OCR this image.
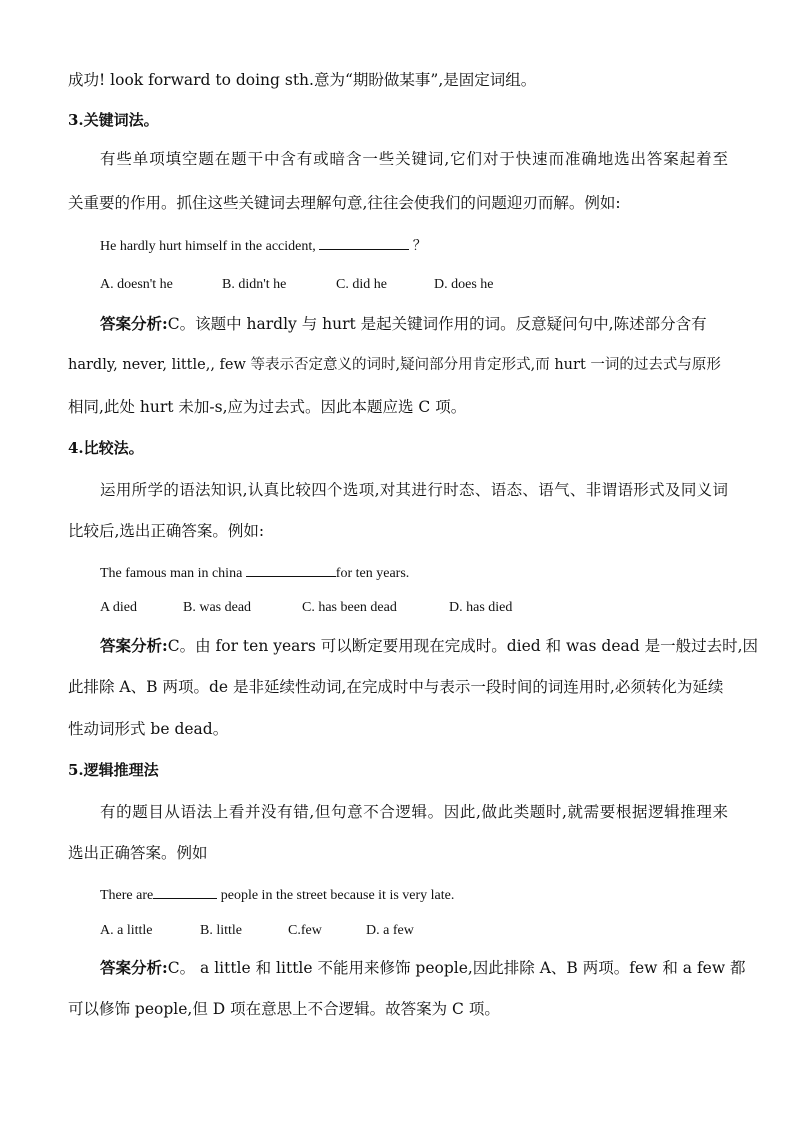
成功! look forward to doing sth.意为“期盼做某事”,是固定词组。
3.关键词法。
有些单项填空题在题干中含有或暗含一些关键词,它们对于快速而准确地选出答案起着至
关重要的作用。抓住这些关键词去理解句意,往往会使我们的问题迎刃而解。例如:
He hardly hurt himself in the accident,	？
A. doesn't he	B. didn't he	C. did he	D. does he
答案分析:C。该题中 hardly 与 hurt 是起关键词作用的词。反意疑问句中,陈述部分含有
hardly, never, little,, few 等表示否定意义的词时,疑问部分用肯定形式,而 hurt 一词的过去式与原形
相同,此处 hurt 未加-s,应为过去式。因此本题应选 C 项。
4.比较法。
运用所学的语法知识,认真比较四个选项,对其进行时态、语态、语气、非谓语形式及同义词
比较后,选出正确答案。例如:
The famous man in china	for ten years.
A died	B. was dead	C. has been dead	D. has died
答案分析:C。由 for ten years 可以断定要用现在完成时。died 和 was dead 是一般过去时,因
此排除 A、B 两项。de 是非延续性动词,在完成时中与表示一段时间的词连用时,必须转化为延续
性动词形式 be dead。
5.逻辑推理法
有的题目从语法上看并没有错,但句意不合逻辑。因此,做此类题时,就需要根据逻辑推理来
选出正确答案。例如
There are	people in the street because it is very late.
A. a little	B. little	C.few	D. a few
答案分析:C。 a little 和 little 不能用来修饰 people,因此排除 A、B 两项。few 和 a few 都
可以修饰 people,但 D 项在意思上不合逻辑。故答案为 C 项。
